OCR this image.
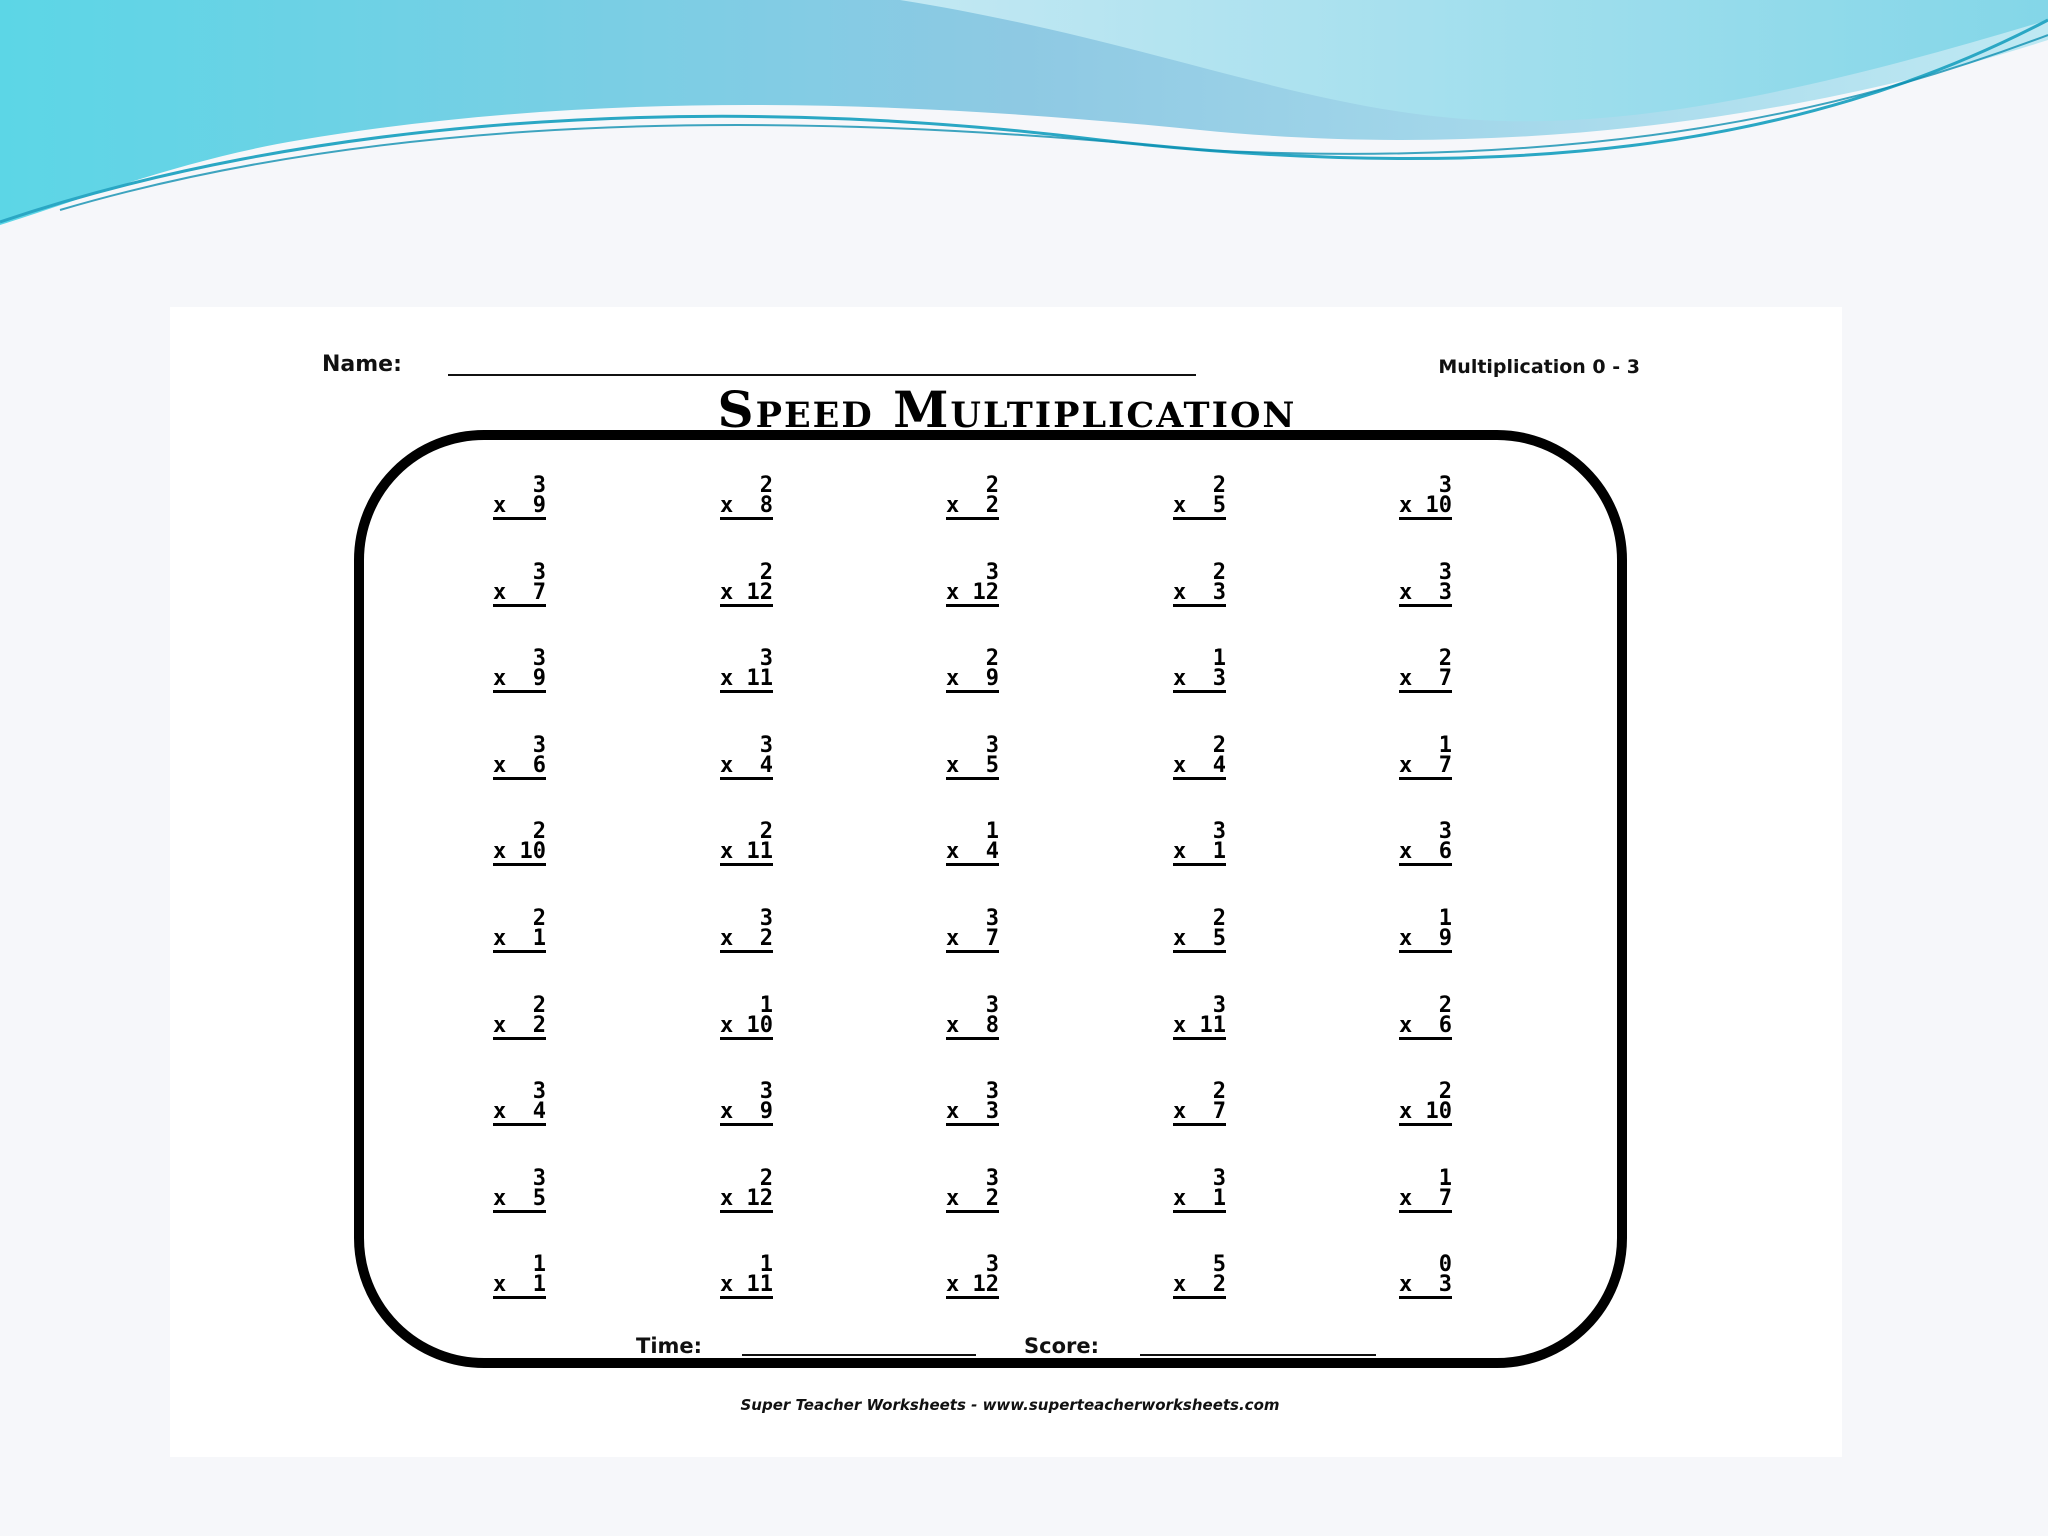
Name:	Multiplication 0 - 3
Speed Multiplication
3
x  9
2
x  8
2
x  2
2
x  5
3
x 10
3
x  7
2
x 12
3
x 12
2
x  3
3
x  3
3
x  9
3
x 11
2
x  9
1
x  3
2
x  7
3
x  6
3
x  4
3
x  5
2
x  4
1
x  7
2
x 10
2
x 11
1
x  4
3
x  1
3
x  6
2
x  1
3
x  2
3
x  7
2
x  5
1
x  9
2
x  2
1
x 10
3
x  8
3
x 11
2
x  6
3
x  4
3
x  9
3
x  3
2
x  7
2
x 10
3
x  5
2
x 12
3
x  2
3
x  1
1
x  7
1
x  1
1
x 11
3
x 12
5
x  2
0
x  3
Time:	Score:
Super Teacher Worksheets - www.superteacherworksheets.com
